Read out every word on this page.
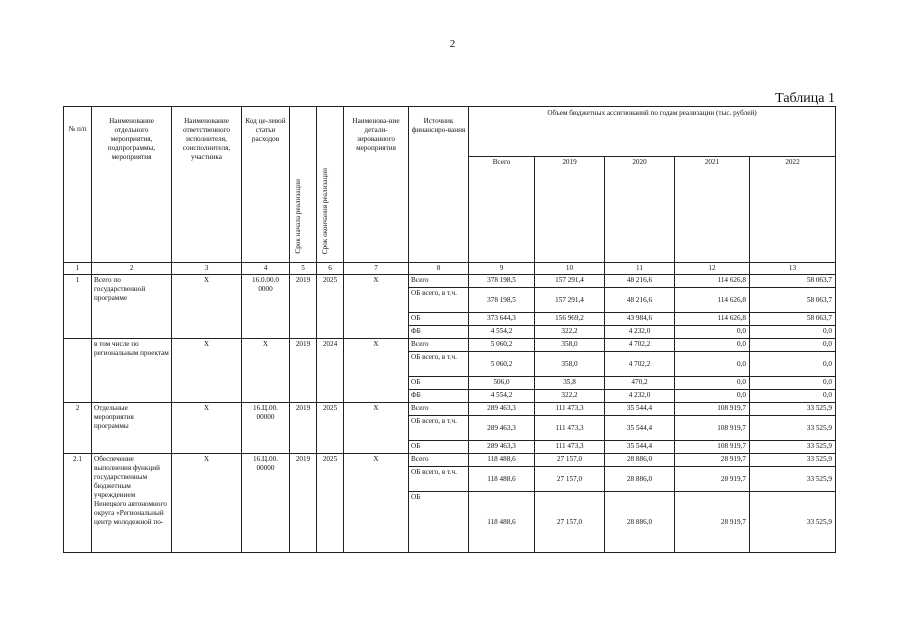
2
Таблица 1
№ п/п	Наименование отдельного мероприятия, подпрограммы, мероприятия	Наименование ответственного исполнителя, соисполнителя, участника	Код це-левой статьи расходов	Срок начала реализации	Срок окончания реализации	Наименова-ние детали-зированного мероприятия	Источник финансиро-вания	Объем бюджетных ассигнований по годам реализации (тыс. рублей)				
								Всего	2019	2020	2021	2022
1	2	3	4	5	6	7	8	9	10	11	12	13
1	Всего по государственной программе	Х	16.0.00.0 0000	2019	2025	Х	Всего	378 198,5	157 291,4	48 216,6	114 626,8	58 063,7
							ОБ всего, в т.ч.	378 198,5	157 291,4	48 216,6	114 626,8	58 063,7
							ОБ	373 644,3	156 969,2	43 984,6	114 626,8	58 063,7
							ФБ	4 554,2	322,2	4 232,0	0,0	0,0
	в том числе по региональным проектам	Х	Х	2019	2024	Х	Всего	5 060,2	358,0	4 702,2	0,0	0,0
							ОБ всего, в т.ч.	5 060,2	358,0	4 702,2	0,0	0,0
							ОБ	506,0	35,8	470,2	0,0	0,0
							ФБ	4 554,2	322,2	4 232,0	0,0	0,0
2	Отдельные мероприятия программы	Х	16.Ц.00. 00000	2019	2025	Х	Всего	289 463,3	111 473,3	35 544,4	108 919,7	33 525,9
							ОБ всего, в т.ч.	289 463,3	111 473,3	35 544,4	108 919,7	33 525,9
							ОБ	289 463,3	111 473,3	35 544,4	108 919,7	33 525,9
2.1	Обеспечение выполнения функций государственным бюджетным учреждением Ненецкого автономного округа «Региональный центр молодежной по-	Х	16.Ц.00. 00000	2019	2025	Х	Всего	118 488,6	27 157,0	28 886,0	28 919,7	33 525,9
							ОБ всего, в т.ч.	118 488,6	27 157,0	28 886,0	28 919,7	33 525,9
							ОБ	118 488,6	27 157,0	28 886,0	28 919,7	33 525,9
